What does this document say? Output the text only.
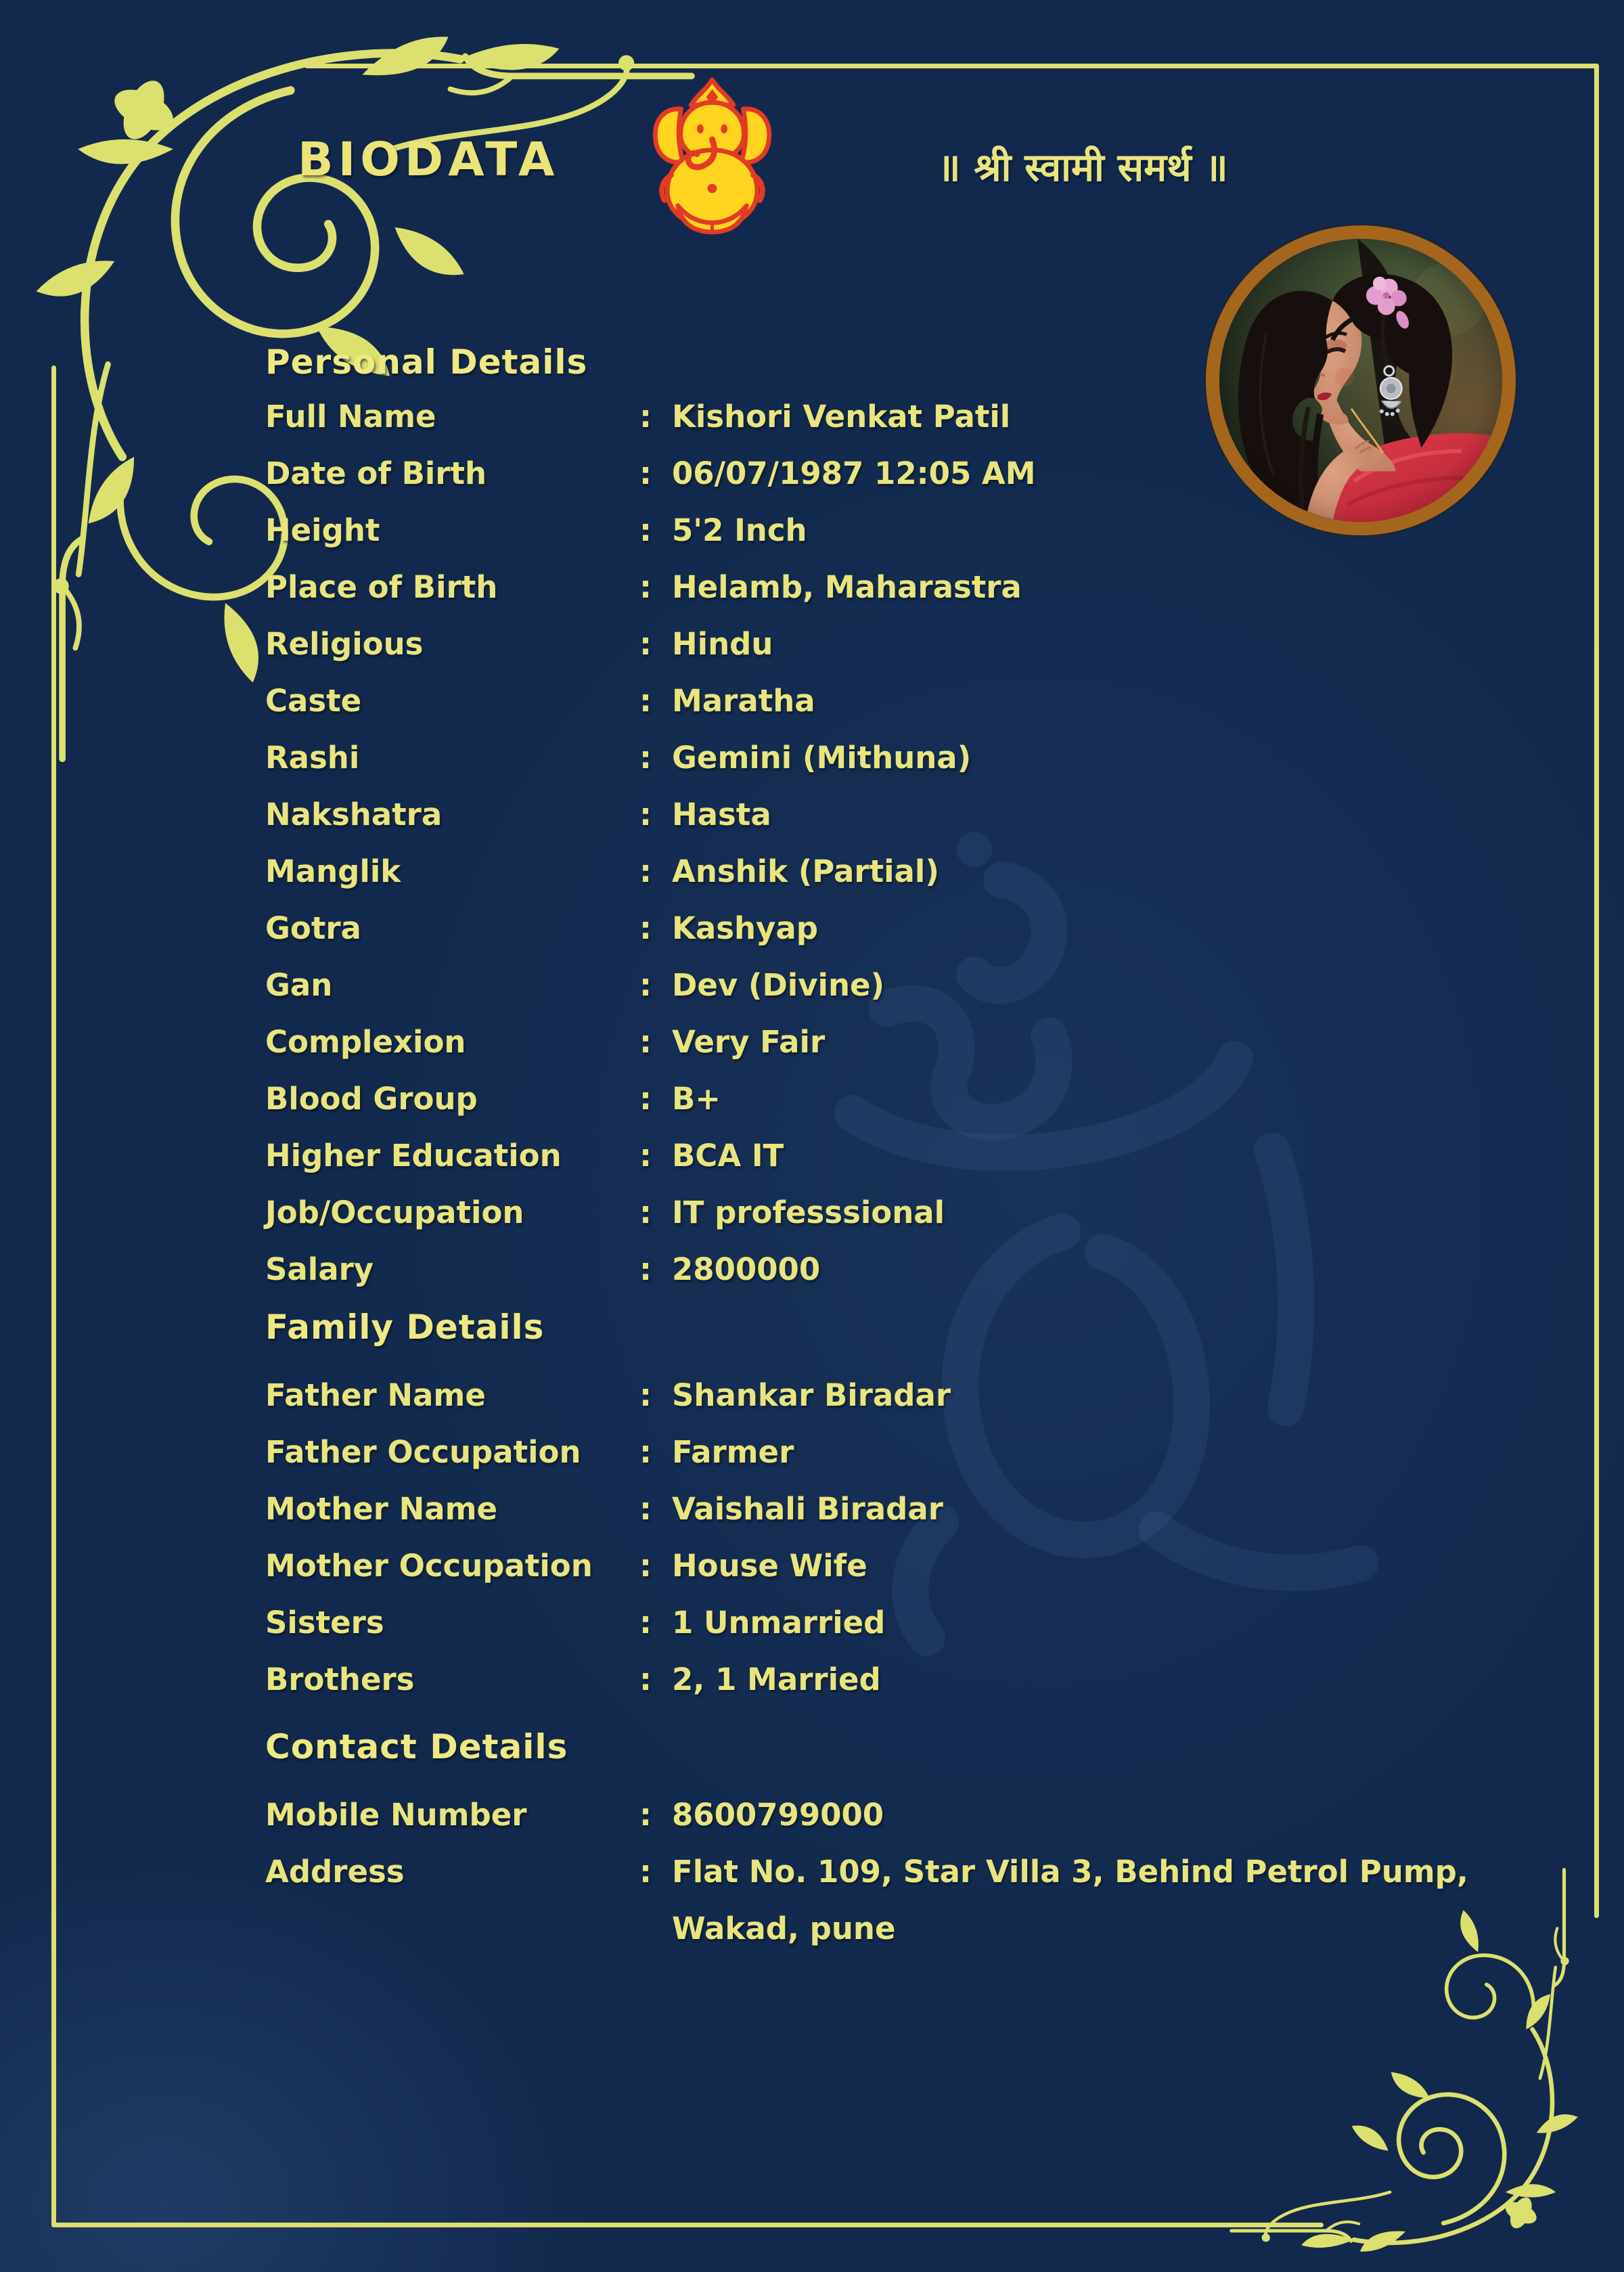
BIODATA	॥ श्री स्वामी समर्थ ॥
Personal Details
Full Name	: Kishori Venkat Patil
Date of Birth	: 06/07/1987 12:05 AM
Height	: 5'2 Inch
Place of Birth	: Helamb, Maharastra
Religious	: Hindu
Caste	: Maratha
Rashi	: Gemini (Mithuna)
Nakshatra	: Hasta
Manglik	: Anshik (Partial)
Gotra	: Kashyap
Gan	: Dev (Divine)
Complexion	: Very Fair
Blood Group	: B+
Higher Education	: BCA IT
Job/Occupation	: IT professsional
Salary	: 2800000
Family Details
Father Name	: Shankar Biradar
Father Occupation	: Farmer
Mother Name	: Vaishali Biradar
Mother Occupation	: House Wife
Sisters	: 1 Unmarried
Brothers	: 2, 1 Married
Contact Details
Mobile Number	: 8600799000
Address	: Flat No. 109, Star Villa 3, Behind Petrol Pump,
Wakad, pune
